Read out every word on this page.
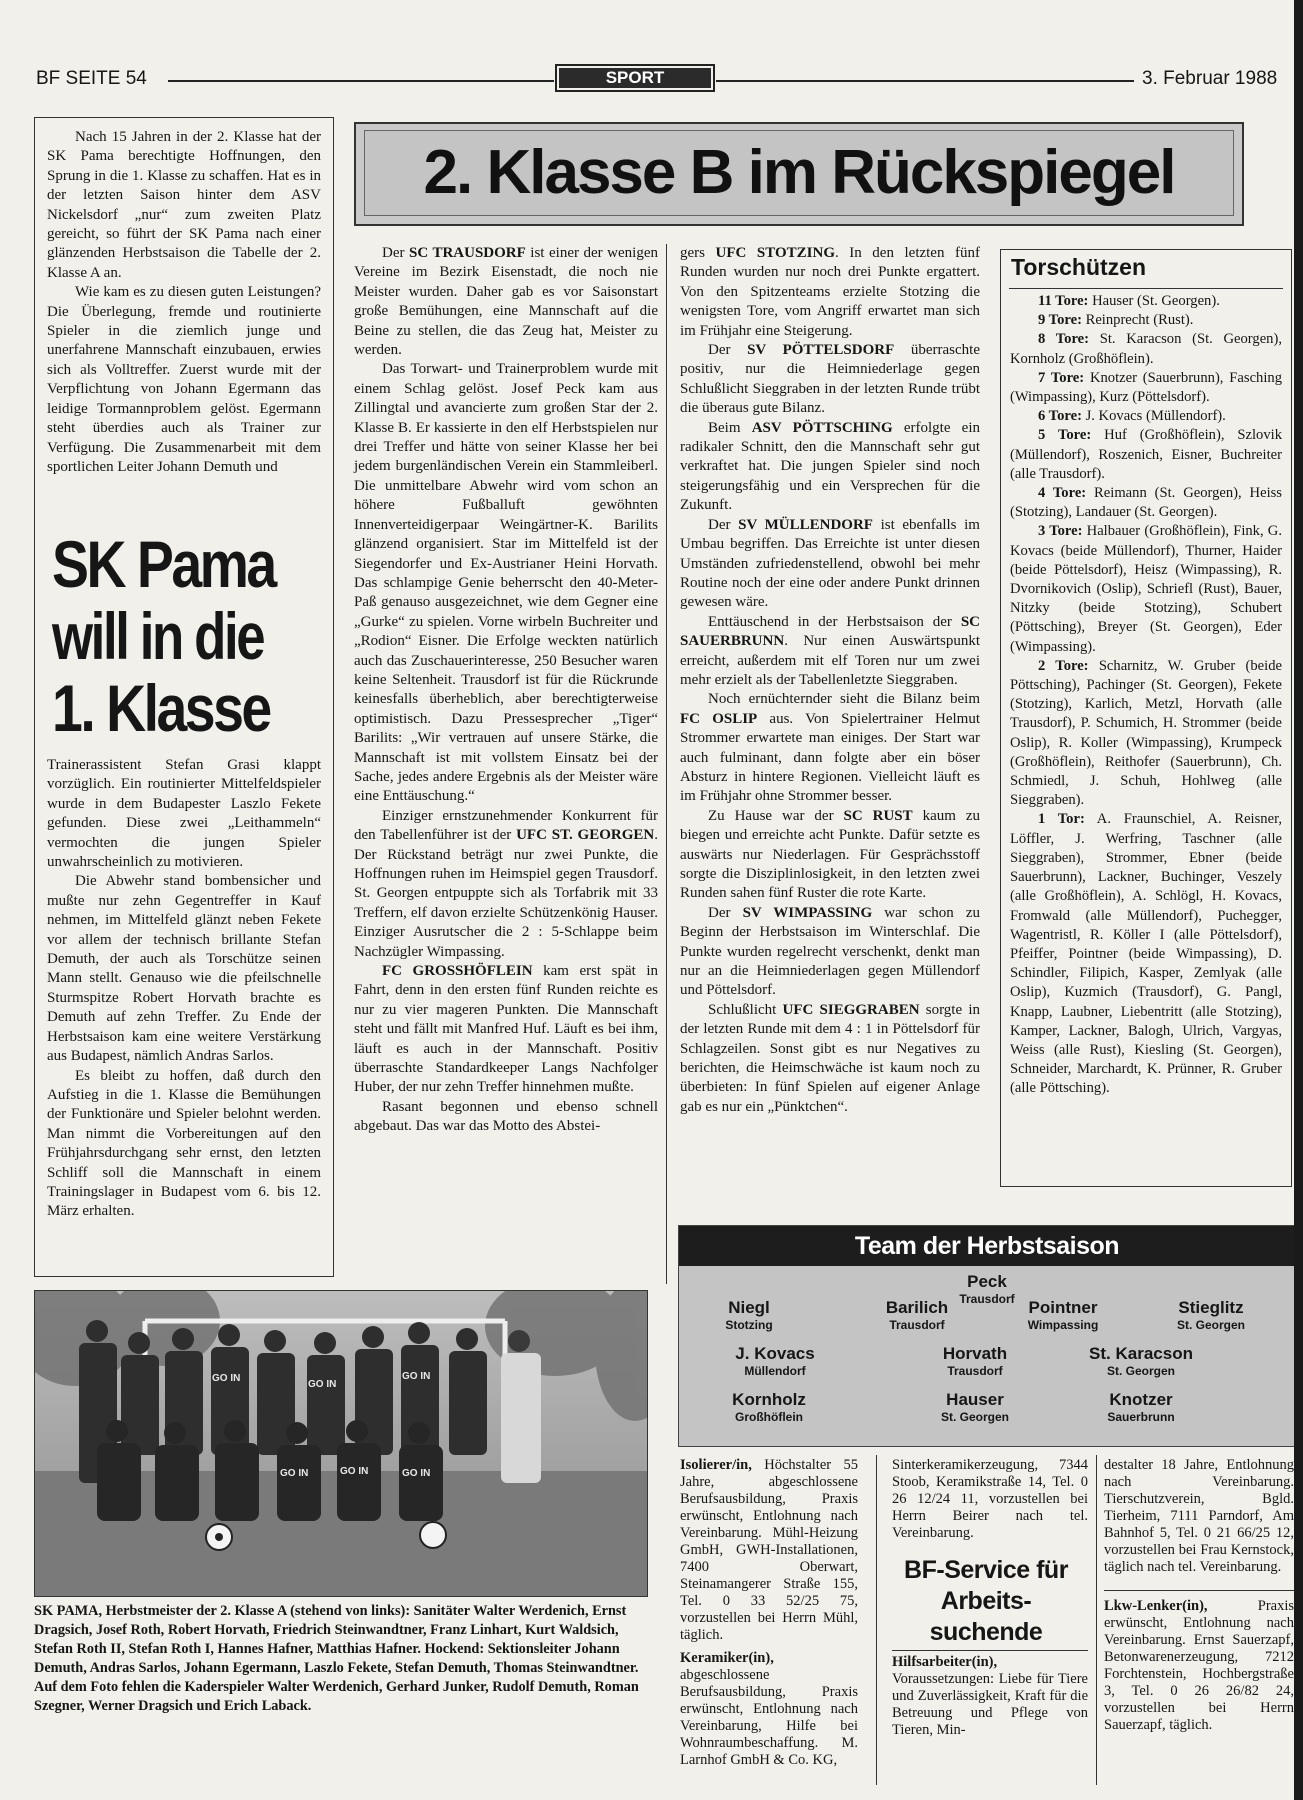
BF SEITE 54	SPORT	3. Februar 1988

Nach 15 Jahren in der 2. Klasse hat der SK Pama berechtigte Hoffnungen, den Sprung in die 1. Klasse zu schaffen. Hat es in der letzten Saison hinter dem ASV Nickelsdorf „nur“ zum zweiten Platz gereicht, so führt der SK Pama nach einer glänzenden Herbstsaison die Tabelle der 2. Klasse A an.

Wie kam es zu diesen guten Leistungen? Die Überlegung, fremde und routinierte Spieler in die ziemlich junge und unerfahrene Mannschaft einzubauen, erwies sich als Volltreffer. Zuerst wurde mit der Verpflichtung von Johann Egermann das leidige Tormannproblem gelöst. Egermann steht überdies auch als Trainer zur Verfügung. Die Zusammenarbeit mit dem sportlichen Leiter Johann Demuth und

SK Pama
will in die
1. Klasse

Trainerassistent Stefan Grasi klappt vorzüglich. Ein routinierter Mittelfeldspieler wurde in dem Budapester Laszlo Fekete gefunden. Diese zwei „Leithammeln“ vermochten die jungen Spieler unwahrscheinlich zu motivieren.

Die Abwehr stand bombensicher und mußte nur zehn Gegentreffer in Kauf nehmen, im Mittelfeld glänzt neben Fekete vor allem der technisch brillante Stefan Demuth, der auch als Torschütze seinen Mann stellt. Genauso wie die pfeilschnelle Sturmspitze Robert Horvath brachte es Demuth auf zehn Treffer. Zu Ende der Herbstsaison kam eine weitere Verstärkung aus Budapest, nämlich Andras Sarlos.

Es bleibt zu hoffen, daß durch den Aufstieg in die 1. Klasse die Bemühungen der Funktionäre und Spieler belohnt werden. Man nimmt die Vorbereitungen auf den Frühjahrsdurchgang sehr ernst, den letzten Schliff soll die Mannschaft in einem Trainingslager in Budapest vom 6. bis 12. März erhalten.

2. Klasse B im Rückspiegel

Der SC TRAUSDORF ist einer der wenigen Vereine im Bezirk Eisenstadt, die noch nie Meister wurden. Daher gab es vor Saisonstart große Bemühungen, eine Mannschaft auf die Beine zu stellen, die das Zeug hat, Meister zu werden.

Das Torwart- und Trainerproblem wurde mit einem Schlag gelöst. Josef Peck kam aus Zillingtal und avancierte zum großen Star der 2. Klasse B. Er kassierte in den elf Herbstspielen nur drei Treffer und hätte von seiner Klasse her bei jedem burgenländischen Verein ein Stammleiberl. Die unmittelbare Abwehr wird vom schon an höhere Fußballuft gewöhnten Innenverteidigerpaar Weingärtner-K. Barilits glänzend organisiert. Star im Mittelfeld ist der Siegendorfer und Ex-Austrianer Heini Horvath. Das schlampige Genie beherrscht den 40-Meter-Paß genauso ausgezeichnet, wie dem Gegner eine „Gurke“ zu spielen. Vorne wirbeln Buchreiter und „Rodion“ Eisner. Die Erfolge weckten natürlich auch das Zuschauerinteresse, 250 Besucher waren keine Seltenheit. Trausdorf ist für die Rückrunde keinesfalls überheblich, aber berechtigterweise optimistisch. Dazu Pressesprecher „Tiger“ Barilits: „Wir vertrauen auf unsere Stärke, die Mannschaft ist mit vollstem Einsatz bei der Sache, jedes andere Ergebnis als der Meister wäre eine Enttäuschung.“

Einziger ernstzunehmender Konkurrent für den Tabellenführer ist der UFC ST. GEORGEN. Der Rückstand beträgt nur zwei Punkte, die Hoffnungen ruhen im Heimspiel gegen Trausdorf. St. Georgen entpuppte sich als Torfabrik mit 33 Treffern, elf davon erzielte Schützenkönig Hauser. Einziger Ausrutscher die 2 : 5-Schlappe beim Nachzügler Wimpassing.

FC GROSSHÖFLEIN kam erst spät in Fahrt, denn in den ersten fünf Runden reichte es nur zu vier mageren Punkten. Die Mannschaft steht und fällt mit Manfred Huf. Läuft es bei ihm, läuft es auch in der Mannschaft. Positiv überraschte Standardkeeper Langs Nachfolger Huber, der nur zehn Treffer hinnehmen mußte.

Rasant begonnen und ebenso schnell abgebaut. Das war das Motto des Abstei-

gers UFC STOTZING. In den letzten fünf Runden wurden nur noch drei Punkte ergattert. Von den Spitzenteams erzielte Stotzing die wenigsten Tore, vom Angriff erwartet man sich im Frühjahr eine Steigerung.

Der SV PÖTTELSDORF überraschte positiv, nur die Heimniederlage gegen Schlußlicht Sieggraben in der letzten Runde trübt die überaus gute Bilanz.

Beim ASV PÖTTSCHING erfolgte ein radikaler Schnitt, den die Mannschaft sehr gut verkraftet hat. Die jungen Spieler sind noch steigerungsfähig und ein Versprechen für die Zukunft.

Der SV MÜLLENDORF ist ebenfalls im Umbau begriffen. Das Erreichte ist unter diesen Umständen zufriedenstellend, obwohl bei mehr Routine noch der eine oder andere Punkt drinnen gewesen wäre.

Enttäuschend in der Herbstsaison der SC SAUERBRUNN. Nur einen Auswärtspunkt erreicht, außerdem mit elf Toren nur um zwei mehr erzielt als der Tabellenletzte Sieggraben.

Noch ernüchternder sieht die Bilanz beim FC OSLIP aus. Von Spielertrainer Helmut Strommer erwartete man einiges. Der Start war auch fulminant, dann folgte aber ein böser Absturz in hintere Regionen. Vielleicht läuft es im Frühjahr ohne Strommer besser.

Zu Hause war der SC RUST kaum zu biegen und erreichte acht Punkte. Dafür setzte es auswärts nur Niederlagen. Für Gesprächsstoff sorgte die Disziplinlosigkeit, in den letzten zwei Runden sahen fünf Ruster die rote Karte.

Der SV WIMPASSING war schon zu Beginn der Herbstsaison im Winterschlaf. Die Punkte wurden regelrecht verschenkt, denkt man nur an die Heimniederlagen gegen Müllendorf und Pöttelsdorf.

Schlußlicht UFC SIEGGRABEN sorgte in der letzten Runde mit dem 4 : 1 in Pöttelsdorf für Schlagzeilen. Sonst gibt es nur Negatives zu berichten, die Heimschwäche ist kaum noch zu überbieten: In fünf Spielen auf eigener Anlage gab es nur ein „Pünktchen“.

Torschützen

11 Tore: Hauser (St. Georgen).

9 Tore: Reinprecht (Rust).

8 Tore: St. Karacson (St. Georgen), Kornholz (Großhöflein).

7 Tore: Knotzer (Sauerbrunn), Fasching (Wimpassing), Kurz (Pöttelsdorf).

6 Tore: J. Kovacs (Müllendorf).

5 Tore: Huf (Großhöflein), Szlovik (Müllendorf), Roszenich, Eisner, Buchreiter (alle Trausdorf).

4 Tore: Reimann (St. Georgen), Heiss (Stotzing), Landauer (St. Georgen).

3 Tore: Halbauer (Großhöflein), Fink, G. Kovacs (beide Müllendorf), Thurner, Haider (beide Pöttelsdorf), Heisz (Wimpassing), R. Dvornikovich (Oslip), Schriefl (Rust), Bauer, Nitzky (beide Stotzing), Schubert (Pöttsching), Breyer (St. Georgen), Eder (Wimpassing).

2 Tore: Scharnitz, W. Gruber (beide Pöttsching), Pachinger (St. Georgen), Fekete (Stotzing), Karlich, Metzl, Horvath (alle Trausdorf), P. Schumich, H. Strommer (beide Oslip), R. Koller (Wimpassing), Krumpeck (Großhöflein), Reithofer (Sauerbrunn), Ch. Schmiedl, J. Schuh, Hohlweg (alle Sieggraben).

1 Tor: A. Fraunschiel, A. Reisner, Löffler, J. Werfring, Taschner (alle Sieggraben), Strommer, Ebner (beide Sauerbrunn), Lackner, Buchinger, Veszely (alle Großhöflein), A. Schlögl, H. Kovacs, Fromwald (alle Müllendorf), Puchegger, Wagentristl, R. Köller I (alle Pöttelsdorf), Pfeiffer, Pointner (beide Wimpassing), D. Schindler, Filipich, Kasper, Zemlyak (alle Oslip), Kuzmich (Trausdorf), G. Pangl, Knapp, Laubner, Liebentritt (alle Stotzing), Kamper, Lackner, Balogh, Ulrich, Vargyas, Weiss (alle Rust), Kiesling (St. Georgen), Schneider, Marchardt, K. Prünner, R. Gruber (alle Pöttsching).

Team der Herbstsaison
Peck
Trausdorf
Niegl
Stotzing
Barilich
Trausdorf
Pointner
Wimpassing
Stieglitz
St. Georgen
J. Kovacs
Müllendorf
Horvath
Trausdorf
St. Karacson
St. Georgen
Kornholz
Großhöflein
Hauser
St. Georgen
Knotzer
Sauerbrunn
GO IN
GO IN
GO IN
GO IN	GO IN	GO IN
SK PAMA, Herbstmeister der 2. Klasse A (stehend von links): Sanitäter Walter Werdenich, Ernst Dragsich, Josef Roth, Robert Horvath, Friedrich Steinwandtner, Franz Linhart, Kurt Waldsich, Stefan Roth II, Stefan Roth I, Hannes Hafner, Matthias Hafner. Hockend: Sektionsleiter Johann Demuth, Andras Sarlos, Johann Egermann, Laszlo Fekete, Stefan Demuth, Thomas Steinwandtner. Auf dem Foto fehlen die Kaderspieler Walter Werdenich, Gerhard Junker, Rudolf Demuth, Roman Szegner, Werner Dragsich und Erich Laback.

Isolierer/in, Höchstalter 55 Jahre, abgeschlossene Berufsausbildung, Praxis erwünscht, Entlohnung nach Vereinbarung. Mühl-Heizung GmbH, GWH-Installationen, 7400 Oberwart, Steinamangerer Straße 155, Tel. 0 33 52/25 75, vorzustellen bei Herrn Mühl, täglich.

Keramiker(in), abgeschlossene Berufsausbildung, Praxis erwünscht, Entlohnung nach Vereinbarung, Hilfe bei Wohnraumbeschaffung. M. Larnhof GmbH & Co. KG,

Sinterkeramikerzeugung, 7344 Stoob, Keramikstraße 14, Tel. 0 26 12/24 11, vorzustellen bei Herrn Beirer nach tel. Vereinbarung.

BF-Service für
Arbeits-
suchende

Hilfsarbeiter(in), Voraussetzungen: Liebe für Tiere und Zuverlässigkeit, Kraft für die Betreuung und Pflege von Tieren, Min-

destalter 18 Jahre, Entlohnung nach Vereinbarung. Tierschutzverein, Bgld. Tierheim, 7111 Parndorf, Am Bahnhof 5, Tel. 0 21 66/25 12, vorzustellen bei Frau Kernstock, täglich nach tel. Vereinbarung.

Lkw-Lenker(in), Praxis erwünscht, Entlohnung nach Vereinbarung. Ernst Sauerzapf, Betonwarenerzeugung, 7212 Forchtenstein, Hochbergstraße 3, Tel. 0 26 26/82 24, vorzustellen bei Herrn Sauerzapf, täglich.
